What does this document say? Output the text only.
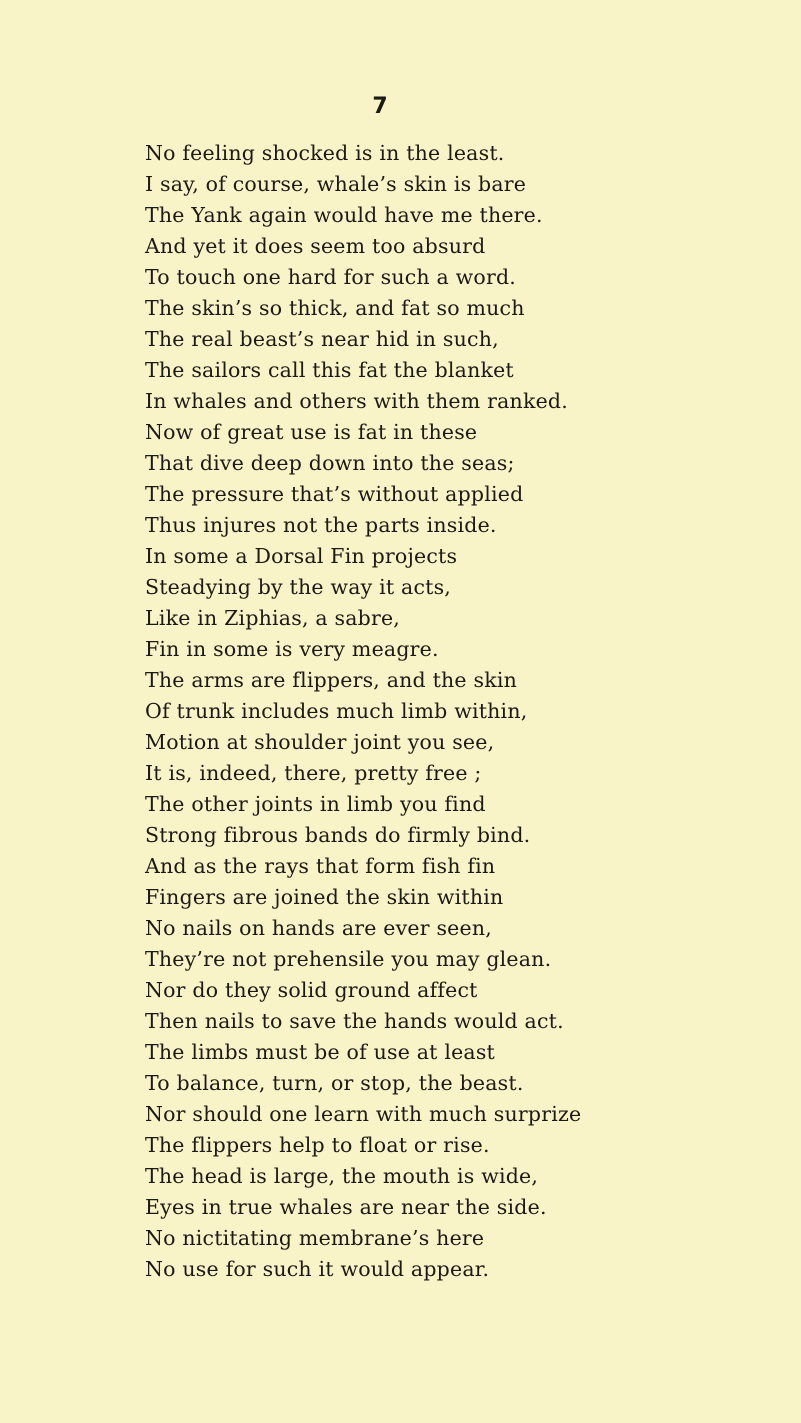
7

No feeling shocked is in the least.
I say, of course, whale’s skin is bare
The Yank again would have me there.
And yet it does seem too absurd
To touch one hard for such a word.
The skin’s so thick, and fat so much
The real beast’s near hid in such,
The sailors call this fat the blanket
In whales and others with them ranked.
Now of great use is fat in these
That dive deep down into the seas;
The pressure that’s without applied
Thus injures not the parts inside.
In some a Dorsal Fin projects
Steadying by the way it acts,
Like in Ziphias, a sabre,
Fin in some is very meagre.
The arms are flippers, and the skin
Of trunk includes much limb within,
Motion at shoulder joint you see,
It is, indeed, there, pretty free ;
The other joints in limb you find
Strong fibrous bands do firmly bind.
And as the rays that form fish fin
Fingers are joined the skin within
No nails on hands are ever seen,
They’re not prehensile you may glean.
Nor do they solid ground affect
Then nails to save the hands would act.
The limbs must be of use at least
To balance, turn, or stop, the beast.
Nor should one learn with much surprize
The flippers help to float or rise.
The head is large, the mouth is wide,
Eyes in true whales are near the side.
No nictitating membrane’s here
No use for such it would appear.
